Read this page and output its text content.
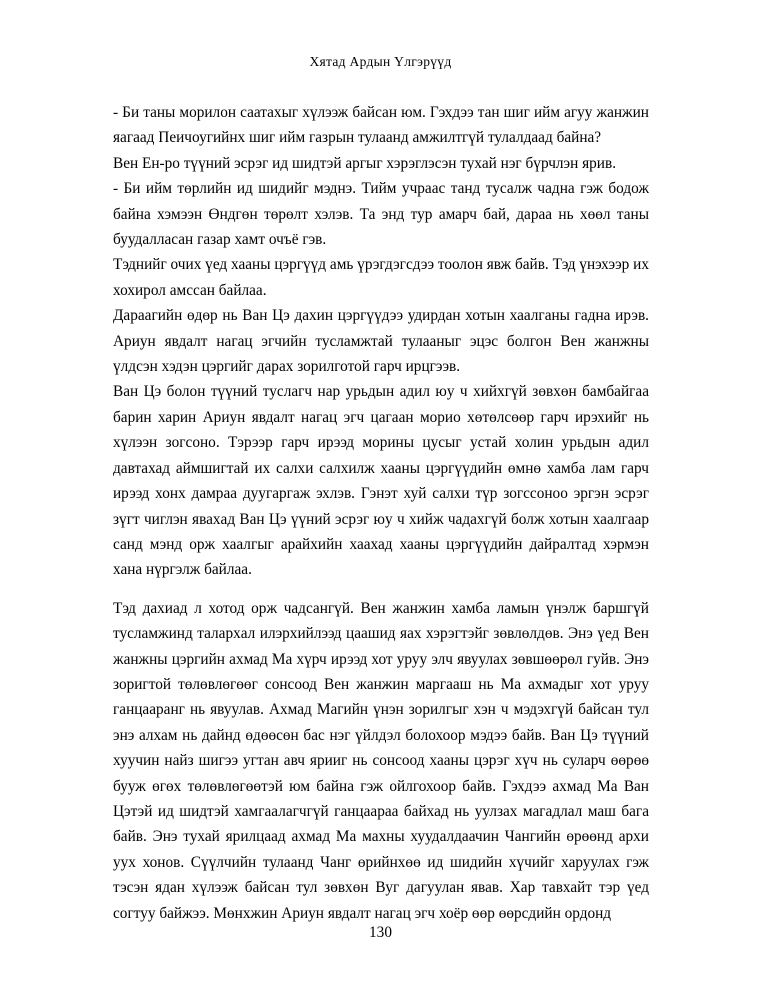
Хятад Ардын Үлгэрүүд

- Би таны морилон саатахыг хүлээж байсан юм. Гэхдээ тан шиг ийм агуу жанжин яагаад Пеичоугийнх шиг ийм газрын тулаанд амжилтгүй тулалдаад байна?

Вен Ен-ро түүний эсрэг ид шидтэй аргыг хэрэглэсэн тухай нэг бүрчлэн ярив.

- Би ийм төрлийн ид шидийг мэднэ. Тийм учраас танд тусалж чадна гэж бодож байна хэмээн Өндгөн төрөлт хэлэв. Та энд тур амарч бай, дараа нь хөөл таны буудалласан газар хамт очъё гэв.

Тэднийг очих үед хааны цэргүүд амь үрэгдэгсдээ тоолон явж байв. Тэд үнэхээр их хохирол амссан байлаа.

Дараагийн өдөр нь Ван Цэ дахин цэргүүдээ удирдан хотын хаалганы гадна ирэв. Ариун явдалт нагац эгчийн тусламжтай тулааныг эцэс болгон Вен жанжны үлдсэн хэдэн цэргийг дарах зорилготой гарч ирцгээв.

Ван Цэ болон түүний туслагч нар урьдын адил юу ч хийхгүй зөвхөн бамбайгаа барин харин Ариун явдалт нагац эгч цагаан морио хөтөлсөөр гарч ирэхийг нь хүлээн зогсоно. Тэрээр гарч ирээд морины цусыг устай холин урьдын адил давтахад аймшигтай их салхи салхилж хааны цэргүүдийн өмнө хамба лам гарч ирээд хонх дамраа дуугаргаж эхлэв. Гэнэт хуй салхи түр зогссоноо эргэн эсрэг зүгт чиглэн яваxад Ван Цэ үүний эсрэг юу ч хийж чадахгүй болж хотын хаалгаар санд мэнд орж хаалгыг арайхийн хаахад хааны цэргүүдийн дайралтад хэрмэн хана нүргэлж байлаа.

Тэд дахиад л хотод орж чадсангүй. Вен жанжин хамба ламын үнэлж баршгүй тусламжинд таларxал илэрхийлээд цаашид яах хэрэгтэйг зөвлөлдөв. Энэ үед Вен жанжны цэргийн ахмад Ма хүрч ирээд хот уруу элч явуулах зөвшөөрөл гуйв. Энэ зоригтой төлөвлөгөөг сонсоод Вен жанжин маргааш нь Ма ахмадыг хот уруу ганцааранг нь явуулав. Ахмад Магийн үнэн зорилгыг хэн ч мэдэхгүй байсан тул энэ алхам нь дайнд өдөөсөн бас нэг үйлдэл болохоор мэдээ байв. Ван Цэ түүний хуучин найз шигээ угтан авч ярииг нь сонсоод хааны цэрэг хүч нь суларч өөрөө бууж өгөх төлөвлөгөөтэй юм байна гэж ойлгохоор байв. Гэхдээ ахмад Ма Ван Цэтэй ид шидтэй хамгаалагчгүй ганцаараа байхад нь уулзах магадлал маш бага байв. Энэ тухай ярилцаад ахмад Ма махны хуудалдаачин Чангийн өрөөнд архи уух хонов. Сүүлчийн тулаанд Чанг өрийнхөө ид шидийн хүчийг харуулах гэж тэсэн ядан хүлээж байсан тул зөвхөн Вуг дагуулан явав. Хар тавхайт тэр үед согтуу байжээ. Мөнхжин Ариун явдалт нагац эгч хоёр өөр өөрсдийн ордонд

130
